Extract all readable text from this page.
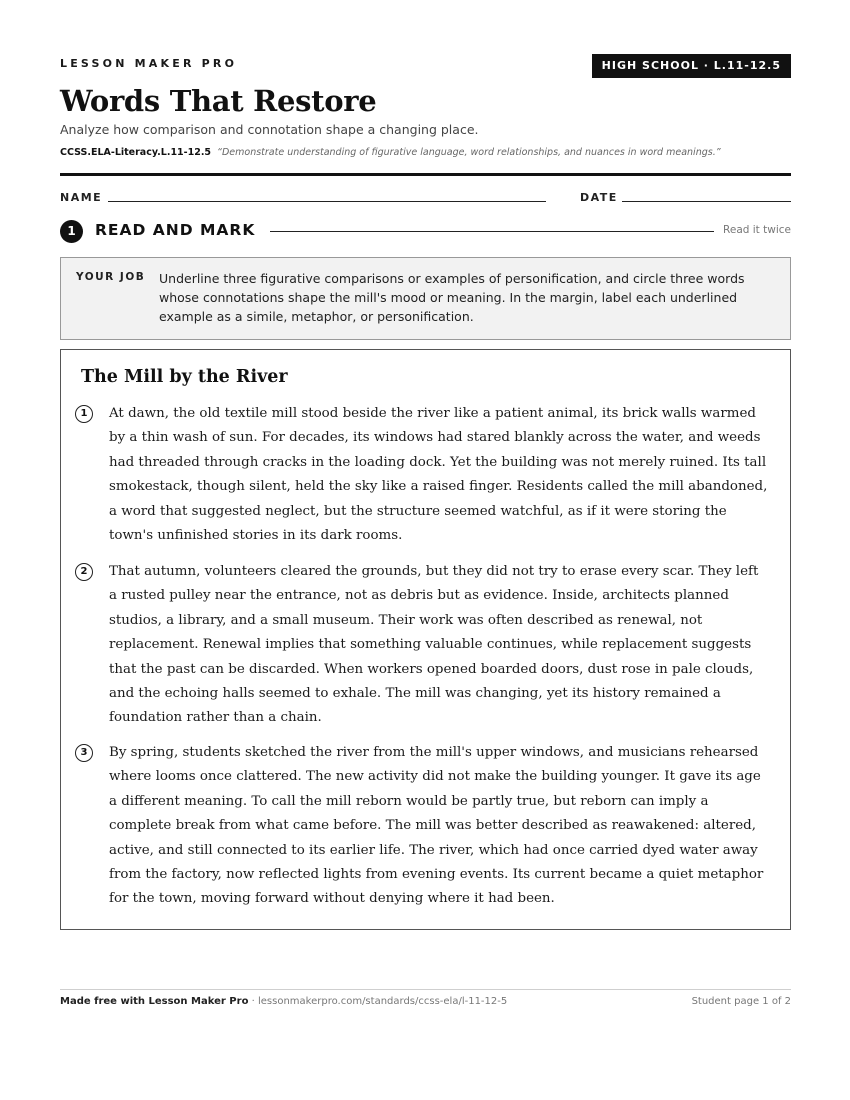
LESSON MAKER PRO	HIGH SCHOOL · L.11-12.5
Words That Restore
Analyze how comparison and connotation shape a changing place.
CCSS.ELA-Literacy.L.11-12.5 “Demonstrate understanding of figurative language, word relationships, and nuances in word meanings.”
NAME	DATE
1	READ AND MARK	Read it twice
YOUR JOB Underline three figurative comparisons or examples of personification, and circle three words whose connotations shape the mill's mood or meaning. In the margin, label each underlined example as a simile, metaphor, or personification.

The Mill by the River
1	At dawn, the old textile mill stood beside the river like a patient animal, its brick walls warmed by a thin wash of sun. For decades, its windows had stared blankly across the water, and weeds had threaded through cracks in the loading dock. Yet the building was not merely ruined. Its tall smokestack, though silent, held the sky like a raised finger. Residents called the mill abandoned, a word that suggested neglect, but the structure seemed watchful, as if it were storing the town's unfinished stories in its dark rooms.

2	That autumn, volunteers cleared the grounds, but they did not try to erase every scar. They left a rusted pulley near the entrance, not as debris but as evidence. Inside, architects planned studios, a library, and a small museum. Their work was often described as renewal, not replacement. Renewal implies that something valuable continues, while replacement suggests that the past can be discarded. When workers opened boarded doors, dust rose in pale clouds, and the echoing halls seemed to exhale. The mill was changing, yet its history remained a foundation rather than a chain.

3	By spring, students sketched the river from the mill's upper windows, and musicians rehearsed where looms once clattered. The new activity did not make the building younger. It gave its age a different meaning. To call the mill reborn would be partly true, but reborn can imply a complete break from what came before. The mill was better described as reawakened: altered, active, and still connected to its earlier life. The river, which had once carried dyed water away from the factory, now reflected lights from evening events. Its current became a quiet metaphor for the town, moving forward without denying where it had been.

Made free with Lesson Maker Pro · lessonmakerpro.com/standards/ccss-ela/l-11-12-5	Student page 1 of 2
